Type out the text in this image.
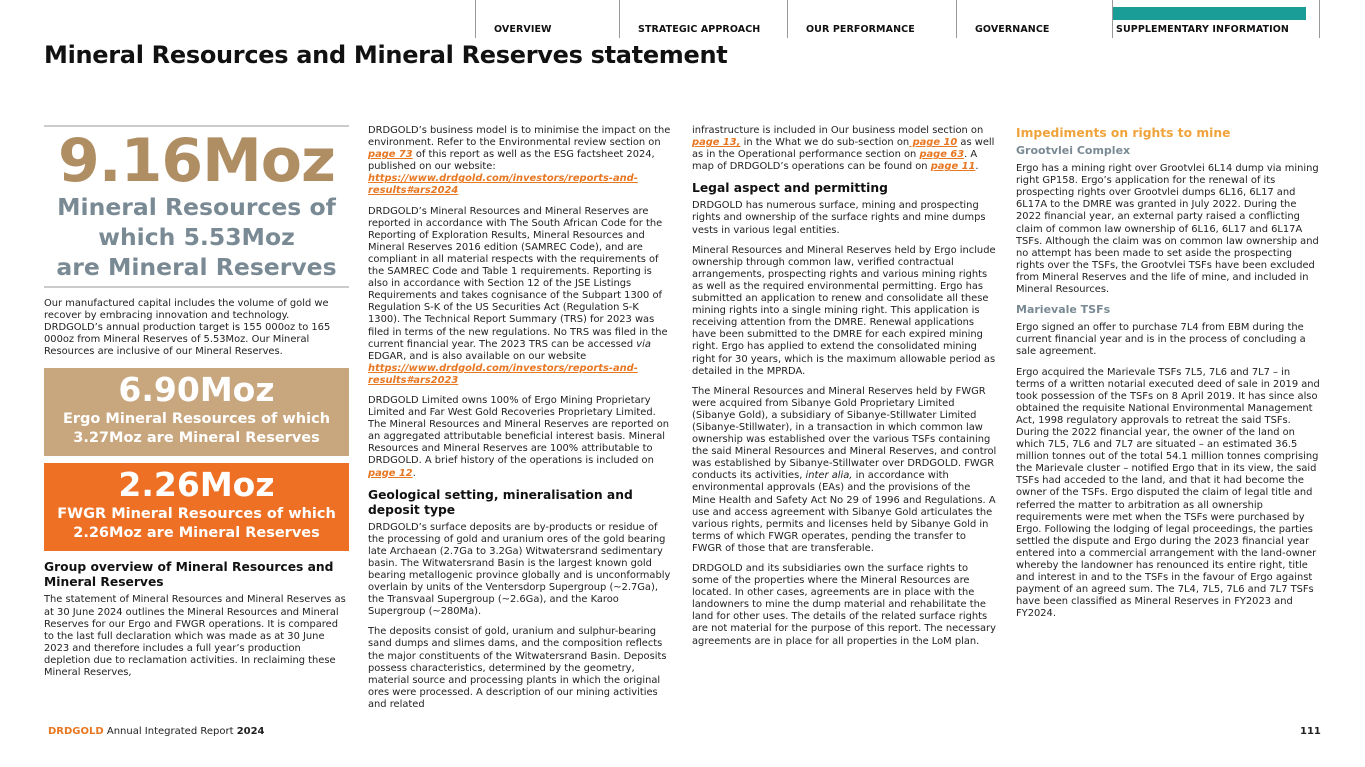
OVERVIEW	STRATEGIC APPROACH	OUR PERFORMANCE	GOVERNANCE	SUPPLEMENTARY INFORMATION
Mineral Resources and Mineral Reserves statement
9.16Moz
Mineral Resources of
which 5.53Moz
are Mineral Reserves

Our manufactured capital includes the volume of gold we recover by embracing innovation and technology. DRDGOLD’s annual production target is 155 000oz to 165 000oz from Mineral Reserves of 5.53Moz. Our Mineral Resources are inclusive of our Mineral Reserves.

6.90Moz
Ergo Mineral Resources of which 3.27Moz are Mineral Reserves
2.26Moz
FWGR Mineral Resources of which 2.26Moz are Mineral Reserves
Group overview of Mineral Resources and Mineral Reserves

The statement of Mineral Resources and Mineral Reserves as at 30 June 2024 outlines the Mineral Resources and Mineral Reserves for our Ergo and FWGR operations. It is compared to the last full declaration which was made as at 30 June 2023 and therefore includes a full year’s production depletion due to reclamation activities. In reclaiming these Mineral Reserves,

DRDGOLD’s business model is to minimise the impact on the environment. Refer to the Environmental review section on page 73 of this report as well as the ESG factsheet 2024, published on our website: https://www.drdgold.com/investors/reports-and-results#ars2024

DRDGOLD’s Mineral Resources and Mineral Reserves are reported in accordance with The South African Code for the Reporting of Exploration Results, Mineral Resources and Mineral Reserves 2016 edition (SAMREC Code), and are compliant in all material respects with the requirements of the SAMREC Code and Table 1 requirements. Reporting is also in accordance with Section 12 of the JSE Listings Requirements and takes cognisance of the Subpart 1300 of Regulation S-K of the US Securities Act (Regulation S-K 1300). The Technical Report Summary (TRS) for 2023 was filed in terms of the new regulations. No TRS was filed in the current financial year. The 2023 TRS can be accessed via EDGAR, and is also available on our website https://www.drdgold.com/investors/reports-and-results#ars2023

DRDGOLD Limited owns 100% of Ergo Mining Proprietary Limited and Far West Gold Recoveries Proprietary Limited. The Mineral Resources and Mineral Reserves are reported on an aggregated attributable beneficial interest basis. Mineral Resources and Mineral Reserves are 100% attributable to DRDGOLD. A brief history of the operations is included on page 12.

Geological setting, mineralisation and deposit type

DRDGOLD’s surface deposits are by-products or residue of the processing of gold and uranium ores of the gold bearing late Archaean (2.7Ga to 3.2Ga) Witwatersrand sedimentary basin. The Witwatersrand Basin is the largest known gold bearing metallogenic province globally and is unconformably overlain by units of the Ventersdorp Supergroup (~2.7Ga), the Transvaal Supergroup (~2.6Ga), and the Karoo Supergroup (~280Ma).

The deposits consist of gold, uranium and sulphur-bearing sand dumps and slimes dams, and the composition reflects the major constituents of the Witwatersrand Basin. Deposits possess characteristics, determined by the geometry, material source and processing plants in which the original ores were processed. A description of our mining activities and related

infrastructure is included in Our business model section on page 13, in the What we do sub-section on page 10 as well as in the Operational performance section on page 63. A map of DRDGOLD’s operations can be found on page 11.

Legal aspect and permitting

DRDGOLD has numerous surface, mining and prospecting rights and ownership of the surface rights and mine dumps vests in various legal entities.

Mineral Resources and Mineral Reserves held by Ergo include ownership through common law, verified contractual arrangements, prospecting rights and various mining rights as well as the required environmental permitting. Ergo has submitted an application to renew and consolidate all these mining rights into a single mining right. This application is receiving attention from the DMRE. Renewal applications have been submitted to the DMRE for each expired mining right. Ergo has applied to extend the consolidated mining right for 30 years, which is the maximum allowable period as detailed in the MPRDA.

The Mineral Resources and Mineral Reserves held by FWGR were acquired from Sibanye Gold Proprietary Limited (Sibanye Gold), a subsidiary of Sibanye-Stillwater Limited (Sibanye-Stillwater), in a transaction in which common law ownership was established over the various TSFs containing the said Mineral Resources and Mineral Reserves, and control was established by Sibanye-Stillwater over DRDGOLD. FWGR conducts its activities, inter alia, in accordance with environmental approvals (EAs) and the provisions of the Mine Health and Safety Act No 29 of 1996 and Regulations. A use and access agreement with Sibanye Gold articulates the various rights, permits and licenses held by Sibanye Gold in terms of which FWGR operates, pending the transfer to FWGR of those that are transferable.

DRDGOLD and its subsidiaries own the surface rights to some of the properties where the Mineral Resources are located. In other cases, agreements are in place with the landowners to mine the dump material and rehabilitate the land for other uses. The details of the related surface rights are not material for the purpose of this report. The necessary agreements are in place for all properties in the LoM plan.

Impediments on rights to mine
Grootvlei Complex

Ergo has a mining right over Grootvlei 6L14 dump via mining right GP158. Ergo’s application for the renewal of its prospecting rights over Grootvlei dumps 6L16, 6L17 and 6L17A to the DMRE was granted in July 2022. During the 2022 financial year, an external party raised a conflicting claim of common law ownership of 6L16, 6L17 and 6L17A TSFs. Although the claim was on common law ownership and no attempt has been made to set aside the prospecting rights over the TSFs, the Grootvlei TSFs have been excluded from Mineral Reserves and the life of mine, and included in Mineral Resources.

Marievale TSFs

Ergo signed an offer to purchase 7L4 from EBM during the current financial year and is in the process of concluding a sale agreement.

Ergo acquired the Marievale TSFs 7L5, 7L6 and 7L7 – in terms of a written notarial executed deed of sale in 2019 and took possession of the TSFs on 8 April 2019. It has since also obtained the requisite National Environmental Management Act, 1998 regulatory approvals to retreat the said TSFs. During the 2022 financial year, the owner of the land on which 7L5, 7L6 and 7L7 are situated – an estimated 36.5 million tonnes out of the total 54.1 million tonnes comprising the Marievale cluster – notified Ergo that in its view, the said TSFs had acceded to the land, and that it had become the owner of the TSFs. Ergo disputed the claim of legal title and referred the matter to arbitration as all ownership requirements were met when the TSFs were purchased by Ergo. Following the lodging of legal proceedings, the parties settled the dispute and Ergo during the 2023 financial year entered into a commercial arrangement with the land-owner whereby the landowner has renounced its entire right, title and interest in and to the TSFs in the favour of Ergo against payment of an agreed sum. The 7L4, 7L5, 7L6 and 7L7 TSFs have been classified as Mineral Reserves in FY2023 and FY2024.

DRDGOLD Annual Integrated Report 2024	111
